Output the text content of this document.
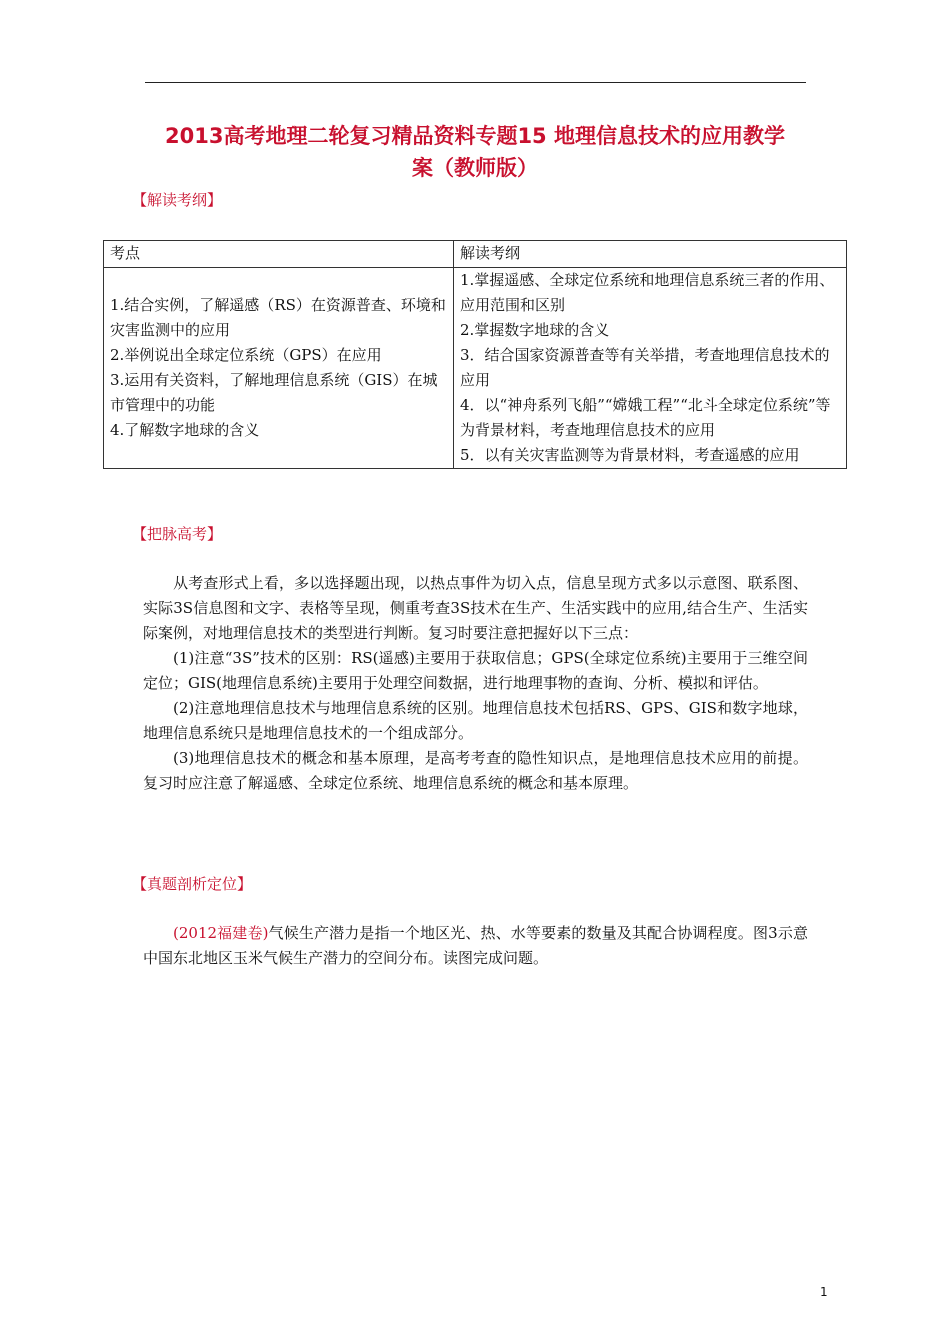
2013高考地理二轮复习精品资料专题15 地理信息技术的应用教学
案（教师版）
【解读考纲】
考点	解读考纲

1.结合实例，了解遥感（RS）在资源普查、环境和灾害监测中的应用
2.举例说出全球定位系统（GPS）在应用
3.运用有关资料，了解地理信息系统（GIS）在城市管理中的功能
4.了解数字地球的含义	1.掌握遥感、全球定位系统和地理信息系统三者的作用、应用范围和区别
2.掌握数字地球的含义
3．结合国家资源普查等有关举措，考查地理信息技术的应用
4．以“神舟系列飞船”“嫦娥工程”“北斗全球定位系统”等为背景材料，考查地理信息技术的应用
5．以有关灾害监测等为背景材料，考查遥感的应用
【把脉高考】

从考查形式上看，多以选择题出现，以热点事件为切入点，信息呈现方式多以示意图、联系图、实际3S信息图和文字、表格等呈现，侧重考查3S技术在生产、生活实践中的应用,结合生产、生活实际案例，对地理信息技术的类型进行判断。复习时要注意把握好以下三点：

(1)注意“3S”技术的区别：RS(遥感)主要用于获取信息；GPS(全球定位系统)主要用于三维空间定位；GIS(地理信息系统)主要用于处理空间数据，进行地理事物的查询、分析、模拟和评估。

(2)注意地理信息技术与地理信息系统的区别。地理信息技术包括RS、GPS、GIS和数字地球，地理信息系统只是地理信息技术的一个组成部分。

(3)地理信息技术的概念和基本原理，是高考考查的隐性知识点，是地理信息技术应用的前提。复习时应注意了解遥感、全球定位系统、地理信息系统的概念和基本原理。

【真题剖析定位】

(2012福建卷)气候生产潜力是指一个地区光、热、水等要素的数量及其配合协调程度。图3示意中国东北地区玉米气候生产潜力的空间分布。读图完成问题。

1
